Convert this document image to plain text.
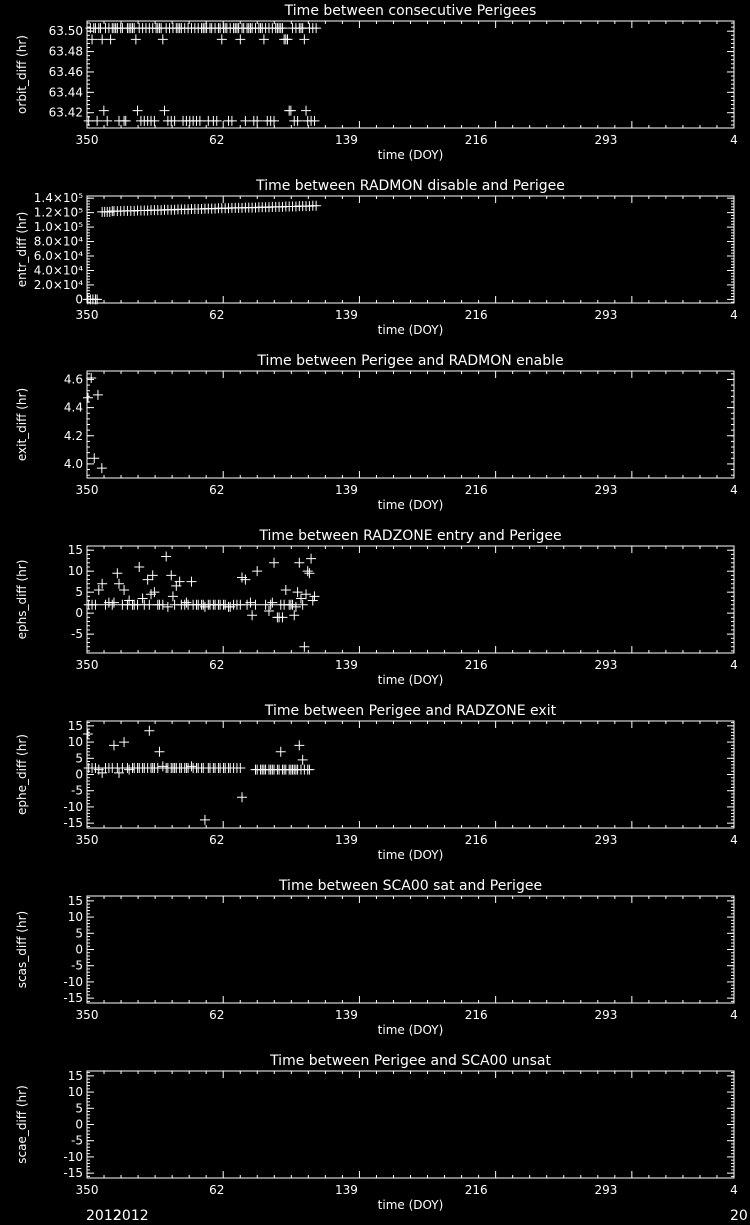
Time between consecutive Perigees
350	62	139	216	293	4
time (DOY)
63.42
63.44
63.46
63.48
63.50
orbit_diff (hr)
Time between RADMON disable and Perigee
350	62	139	216	293	4
time (DOY)
0
2.0×10⁴
4.0×10⁴
6.0×10⁴
8.0×10⁴
1.0×10⁵
1.2×10⁵
1.4×10⁵
entr_diff (hr)
Time between Perigee and RADMON enable
350	62	139	216	293	4
time (DOY)
4.0
4.2
4.4
4.6
exit_diff (hr)
Time between RADZONE entry and Perigee
350	62	139	216	293	4
time (DOY)
-5
0
5
10
15
ephs_diff (hr)
Time between Perigee and RADZONE exit
350	62	139	216	293	4
time (DOY)
-15
-10
-5
0
5
10
15
ephe_diff (hr)
Time between SCA00 sat and Perigee
350	62	139	216	293	4
time (DOY)
-15
-10
-5
0
5
10
15
scas_diff (hr)
Time between Perigee and SCA00 unsat
350	62	139	216	293	4
time (DOY)
-15
-10
-5
0
5
10
15
scae_diff (hr)
2012
2012	20
